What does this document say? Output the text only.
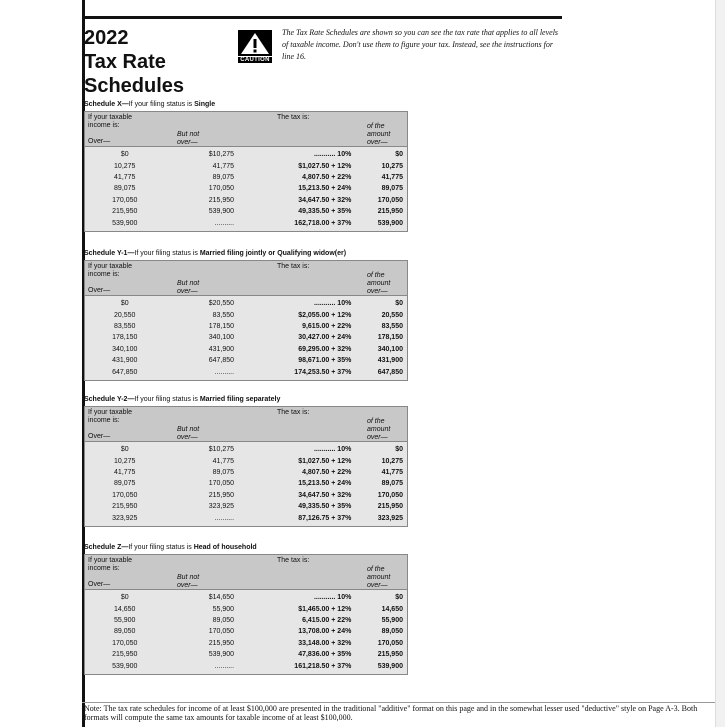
2022
Tax Rate
Schedules
CAUTION
The Tax Rate Schedules are shown so you can see the tax rate that applies to all levels of taxable income. Don't use them to figure your tax. Instead, see the instructions for line 16.
Schedule X—If your filing status is Single
If your taxable
income is:
The tax is:
But not
over—
Over—
of the
amount
over—
$0	$10,275	........... 10%	$0
10,275	41,775	$1,027.50 + 12%	10,275
41,775	89,075	4,807.50 + 22%	41,775
89,075	170,050	15,213.50 + 24%	89,075
170,050	215,950	34,647.50 + 32%	170,050
215,950	539,900	49,335.50 + 35%	215,950
539,900	..........	162,718.00 + 37%	539,900
Schedule Y-1—If your filing status is Married filing jointly or Qualifying widow(er)
If your taxable
income is:
The tax is:
But not
over—
Over—
of the
amount
over—
$0	$20,550	........... 10%	$0
20,550	83,550	$2,055.00 + 12%	20,550
83,550	178,150	9,615.00 + 22%	83,550
178,150	340,100	30,427.00 + 24%	178,150
340,100	431,900	69,295.00 + 32%	340,100
431,900	647,850	98,671.00 + 35%	431,900
647,850	..........	174,253.50 + 37%	647,850
Schedule Y-2—If your filing status is Married filing separately
If your taxable
income is:
The tax is:
But not
over—
Over—
of the
amount
over—
$0	$10,275	........... 10%	$0
10,275	41,775	$1,027.50 + 12%	10,275
41,775	89,075	4,807.50 + 22%	41,775
89,075	170,050	15,213.50 + 24%	89,075
170,050	215,950	34,647.50 + 32%	170,050
215,950	323,925	49,335.50 + 35%	215,950
323,925	..........	87,126.75 + 37%	323,925
Schedule Z—If your filing status is Head of household
If your taxable
income is:
The tax is:
But not
over—
Over—
of the
amount
over—
$0	$14,650	........... 10%	$0
14,650	55,900	$1,465.00 + 12%	14,650
55,900	89,050	6,415.00 + 22%	55,900
89,050	170,050	13,708.00 + 24%	89,050
170,050	215,950	33,148.00 + 32%	170,050
215,950	539,900	47,836.00 + 35%	215,950
539,900	..........	161,218.50 + 37%	539,900
Note: The tax rate schedules for income of at least $100,000 are presented in the traditional "additive" format on this page and in the somewhat lesser used "deductive" style on Page A-3. Both formats will compute the same tax amounts for taxable income of at least $100,000.
